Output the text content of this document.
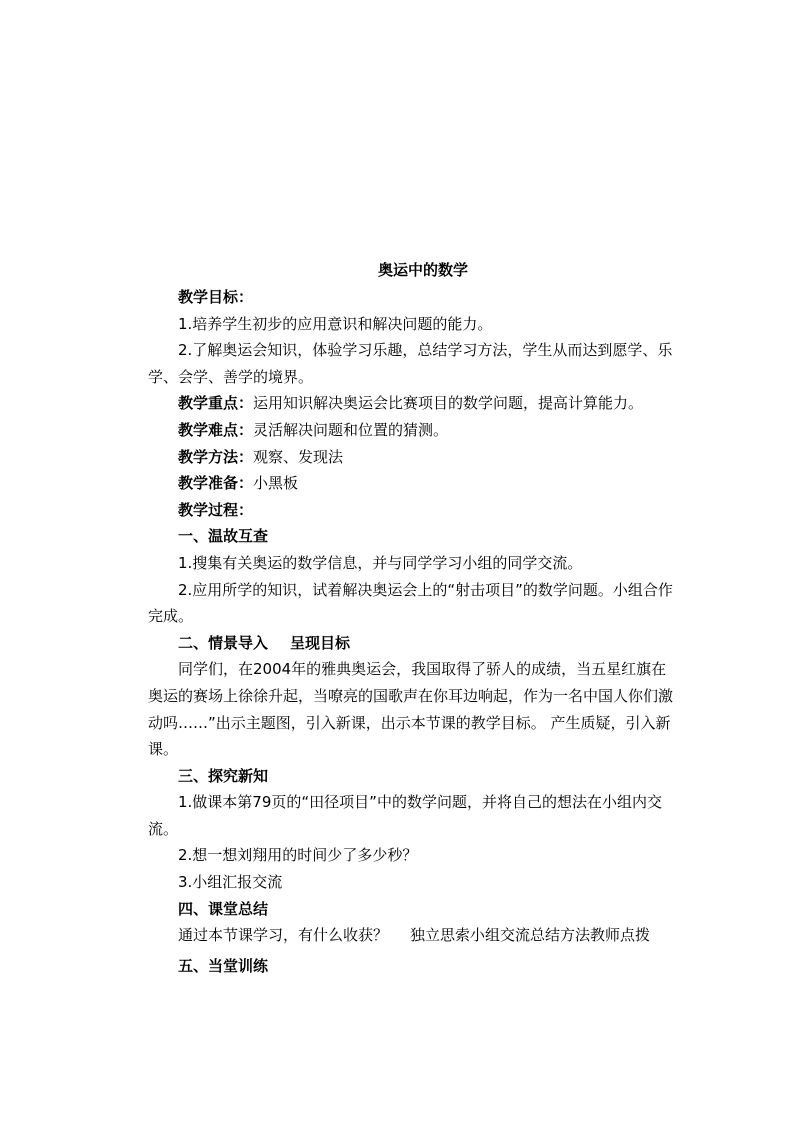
奥运中的数学

教学目标：

1.培养学生初步的应用意识和解决问题的能力。

2.了解奥运会知识，体验学习乐趣，总结学习方法，学生从而达到愿学、乐学、会学、善学的境界。

教学重点：运用知识解决奥运会比赛项目的数学问题，提高计算能力。

教学难点：灵活解决问题和位置的猜测。

教学方法：观察、发现法

教学准备：小黑板

教学过程：

一、温故互查

1.搜集有关奥运的数学信息，并与同学学习小组的同学交流。

2.应用所学的知识，试着解决奥运会上的“射击项目”的数学问题。小组合作完成。

二、情景导入 呈现目标

同学们，在2004年的雅典奥运会，我国取得了骄人的成绩，当五星红旗在奥运的赛场上徐徐升起，当嘹亮的国歌声在你耳边响起，作为一名中国人你们激动吗……”出示主题图，引入新课，出示本节课的教学目标。 产生质疑，引入新课。

三、探究新知

1.做课本第79页的“田径项目”中的数学问题，并将自己的想法在小组内交流。

2.想一想刘翔用的时间少了多少秒？

3.小组汇报交流

四、课堂总结

通过本节课学习，有什么收获？ 独立思索小组交流总结方法教师点拨

五、当堂训练
